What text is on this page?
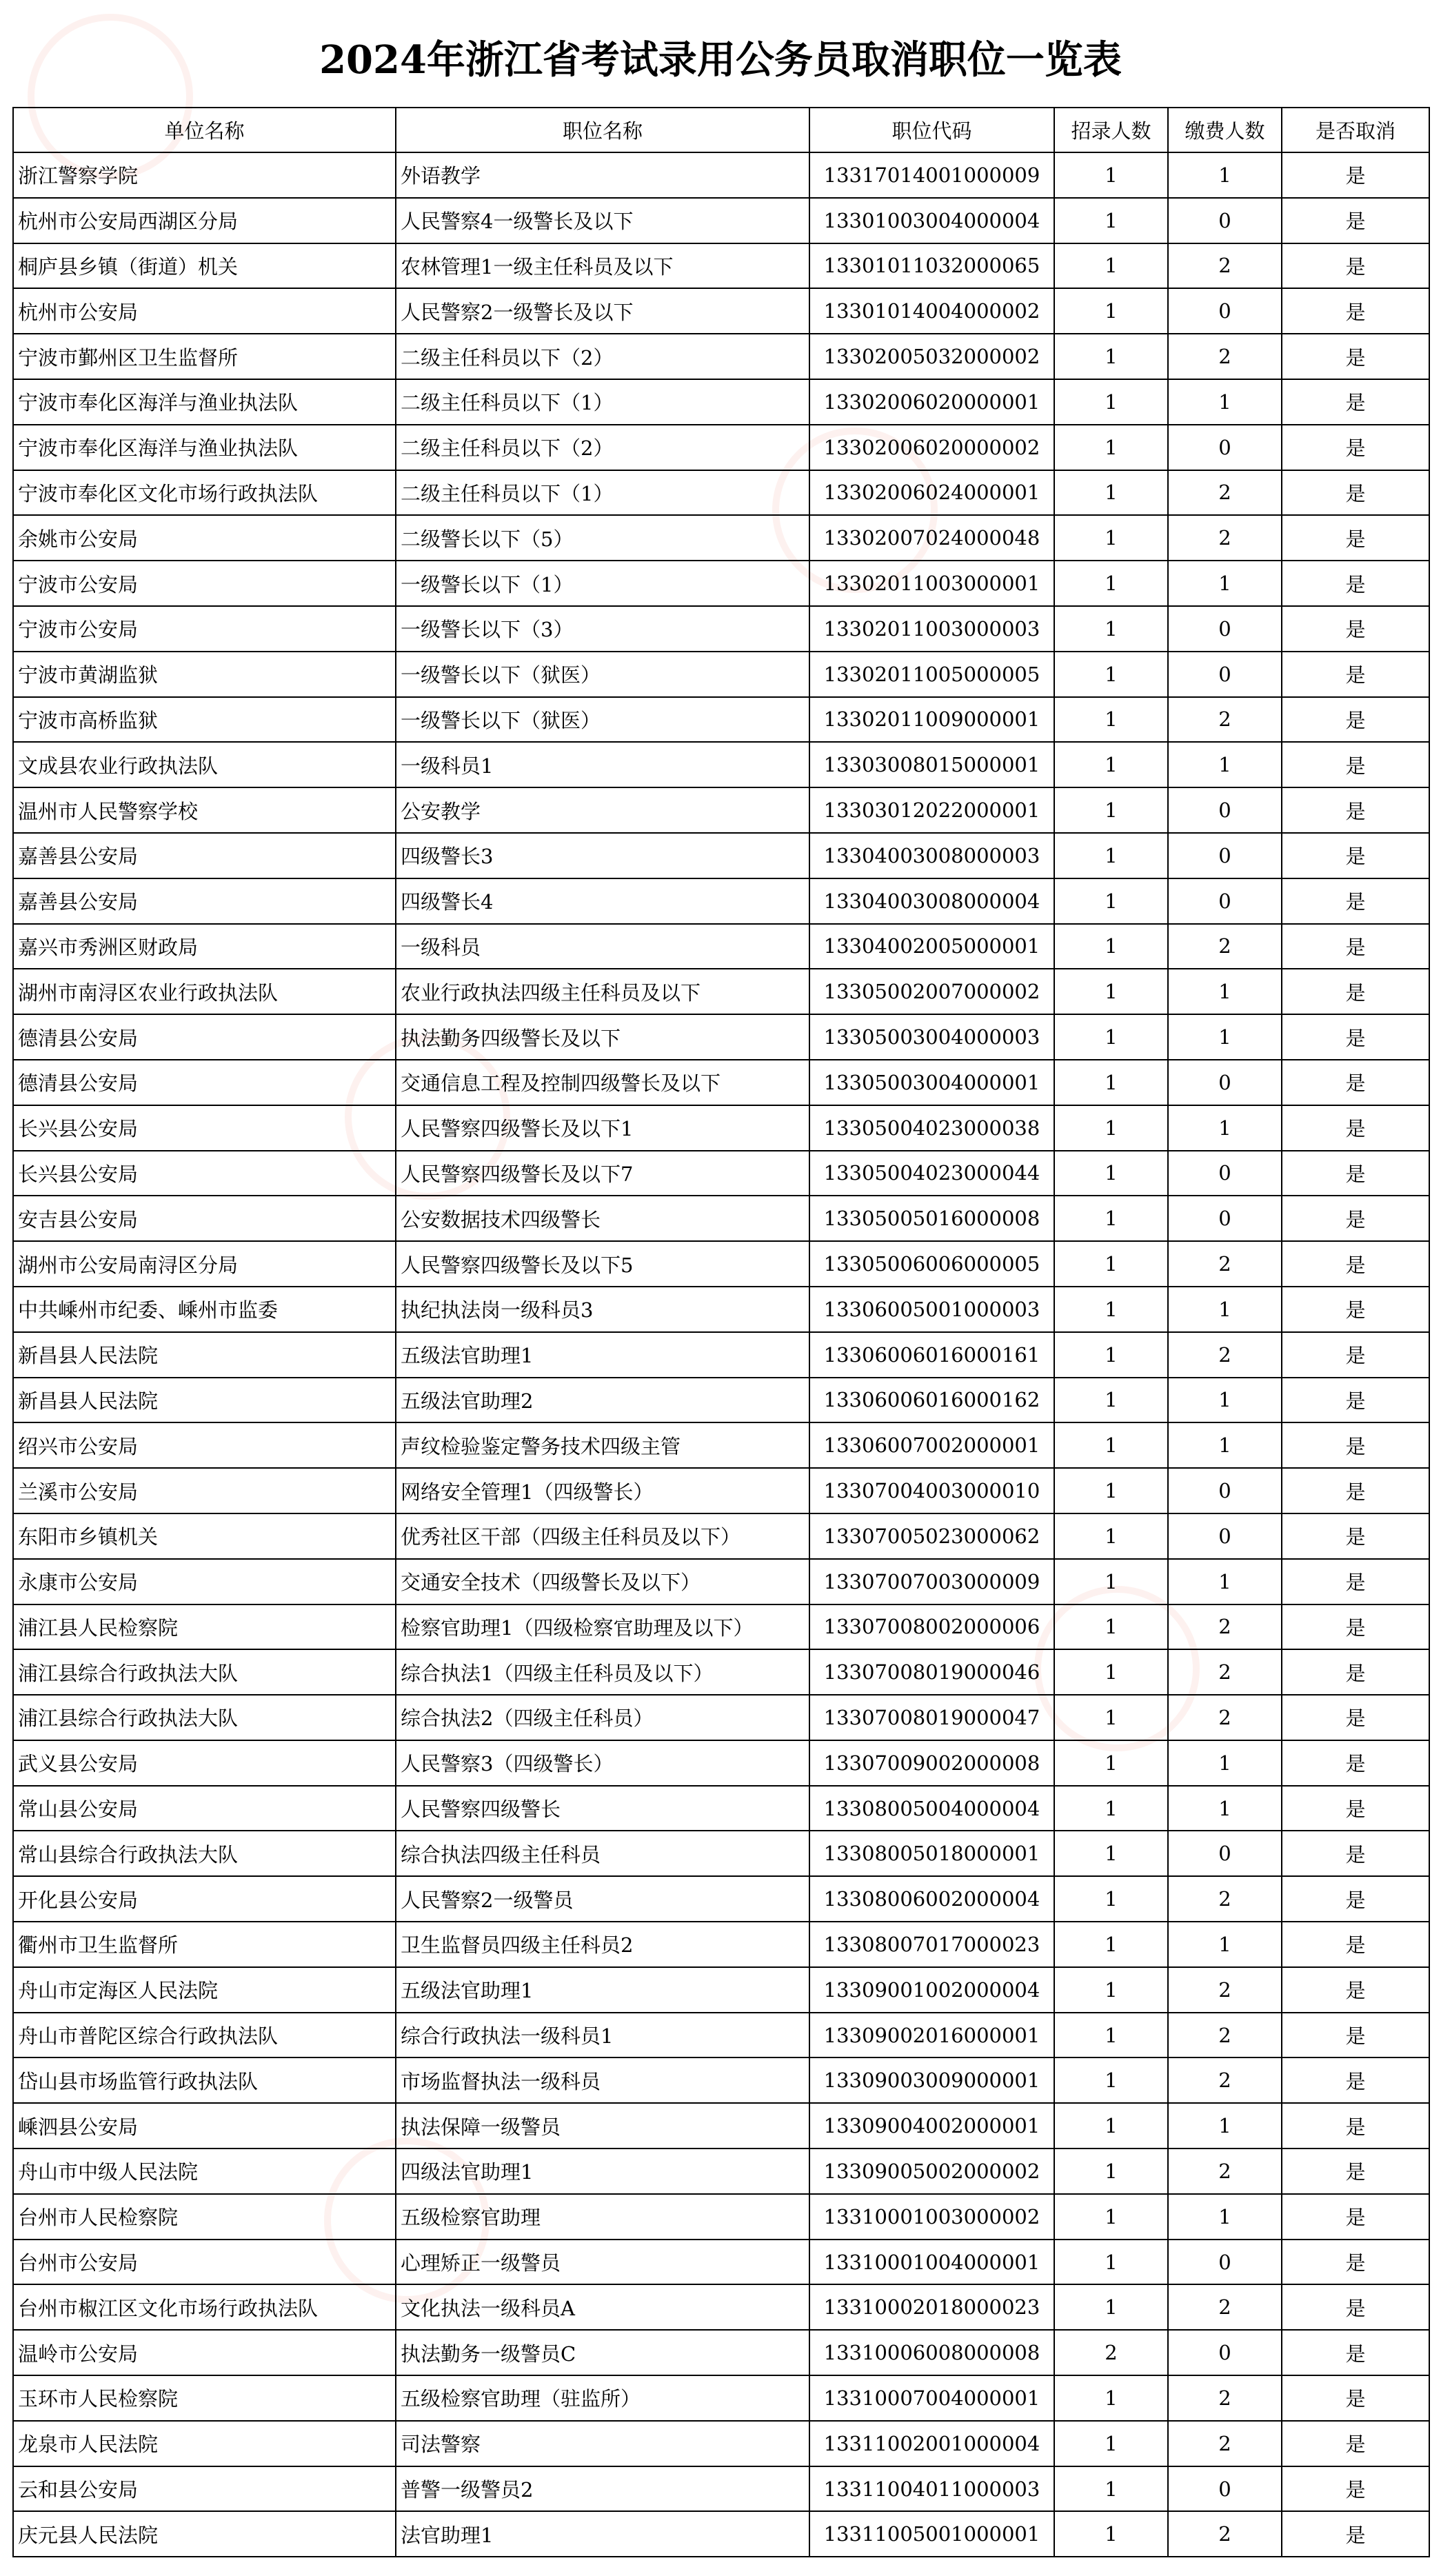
2024年浙江省考试录用公务员取消职位一览表
单位名称	职位名称	职位代码	招录人数	缴费人数	是否取消
浙江警察学院	外语教学	13317014001000009	1	1	是
杭州市公安局西湖区分局	人民警察4一级警长及以下	13301003004000004	1	0	是
桐庐县乡镇（街道）机关	农林管理1一级主任科员及以下	13301011032000065	1	2	是
杭州市公安局	人民警察2一级警长及以下	13301014004000002	1	0	是
宁波市鄞州区卫生监督所	二级主任科员以下（2）	13302005032000002	1	2	是
宁波市奉化区海洋与渔业执法队	二级主任科员以下（1）	13302006020000001	1	1	是
宁波市奉化区海洋与渔业执法队	二级主任科员以下（2）	13302006020000002	1	0	是
宁波市奉化区文化市场行政执法队	二级主任科员以下（1）	13302006024000001	1	2	是
余姚市公安局	二级警长以下（5）	13302007024000048	1	2	是
宁波市公安局	一级警长以下（1）	13302011003000001	1	1	是
宁波市公安局	一级警长以下（3）	13302011003000003	1	0	是
宁波市黄湖监狱	一级警长以下（狱医）	13302011005000005	1	0	是
宁波市高桥监狱	一级警长以下（狱医）	13302011009000001	1	2	是
文成县农业行政执法队	一级科员1	13303008015000001	1	1	是
温州市人民警察学校	公安教学	13303012022000001	1	0	是
嘉善县公安局	四级警长3	13304003008000003	1	0	是
嘉善县公安局	四级警长4	13304003008000004	1	0	是
嘉兴市秀洲区财政局	一级科员	13304002005000001	1	2	是
湖州市南浔区农业行政执法队	农业行政执法四级主任科员及以下	13305002007000002	1	1	是
德清县公安局	执法勤务四级警长及以下	13305003004000003	1	1	是
德清县公安局	交通信息工程及控制四级警长及以下	13305003004000001	1	0	是
长兴县公安局	人民警察四级警长及以下1	13305004023000038	1	1	是
长兴县公安局	人民警察四级警长及以下7	13305004023000044	1	0	是
安吉县公安局	公安数据技术四级警长	13305005016000008	1	0	是
湖州市公安局南浔区分局	人民警察四级警长及以下5	13305006006000005	1	2	是
中共嵊州市纪委、嵊州市监委	执纪执法岗一级科员3	13306005001000003	1	1	是
新昌县人民法院	五级法官助理1	13306006016000161	1	2	是
新昌县人民法院	五级法官助理2	13306006016000162	1	1	是
绍兴市公安局	声纹检验鉴定警务技术四级主管	13306007002000001	1	1	是
兰溪市公安局	网络安全管理1（四级警长）	13307004003000010	1	0	是
东阳市乡镇机关	优秀社区干部（四级主任科员及以下）	13307005023000062	1	0	是
永康市公安局	交通安全技术（四级警长及以下）	13307007003000009	1	1	是
浦江县人民检察院	检察官助理1（四级检察官助理及以下）	13307008002000006	1	2	是
浦江县综合行政执法大队	综合执法1（四级主任科员及以下）	13307008019000046	1	2	是
浦江县综合行政执法大队	综合执法2（四级主任科员）	13307008019000047	1	2	是
武义县公安局	人民警察3（四级警长）	13307009002000008	1	1	是
常山县公安局	人民警察四级警长	13308005004000004	1	1	是
常山县综合行政执法大队	综合执法四级主任科员	13308005018000001	1	0	是
开化县公安局	人民警察2一级警员	13308006002000004	1	2	是
衢州市卫生监督所	卫生监督员四级主任科员2	13308007017000023	1	1	是
舟山市定海区人民法院	五级法官助理1	13309001002000004	1	2	是
舟山市普陀区综合行政执法队	综合行政执法一级科员1	13309002016000001	1	2	是
岱山县市场监管行政执法队	市场监督执法一级科员	13309003009000001	1	2	是
嵊泗县公安局	执法保障一级警员	13309004002000001	1	1	是
舟山市中级人民法院	四级法官助理1	13309005002000002	1	2	是
台州市人民检察院	五级检察官助理	13310001003000002	1	1	是
台州市公安局	心理矫正一级警员	13310001004000001	1	0	是
台州市椒江区文化市场行政执法队	文化执法一级科员A	13310002018000023	1	2	是
温岭市公安局	执法勤务一级警员C	13310006008000008	2	0	是
玉环市人民检察院	五级检察官助理（驻监所）	13310007004000001	1	2	是
龙泉市人民法院	司法警察	13311002001000004	1	2	是
云和县公安局	普警一级警员2	13311004011000003	1	0	是
庆元县人民法院	法官助理1	13311005001000001	1	2	是
